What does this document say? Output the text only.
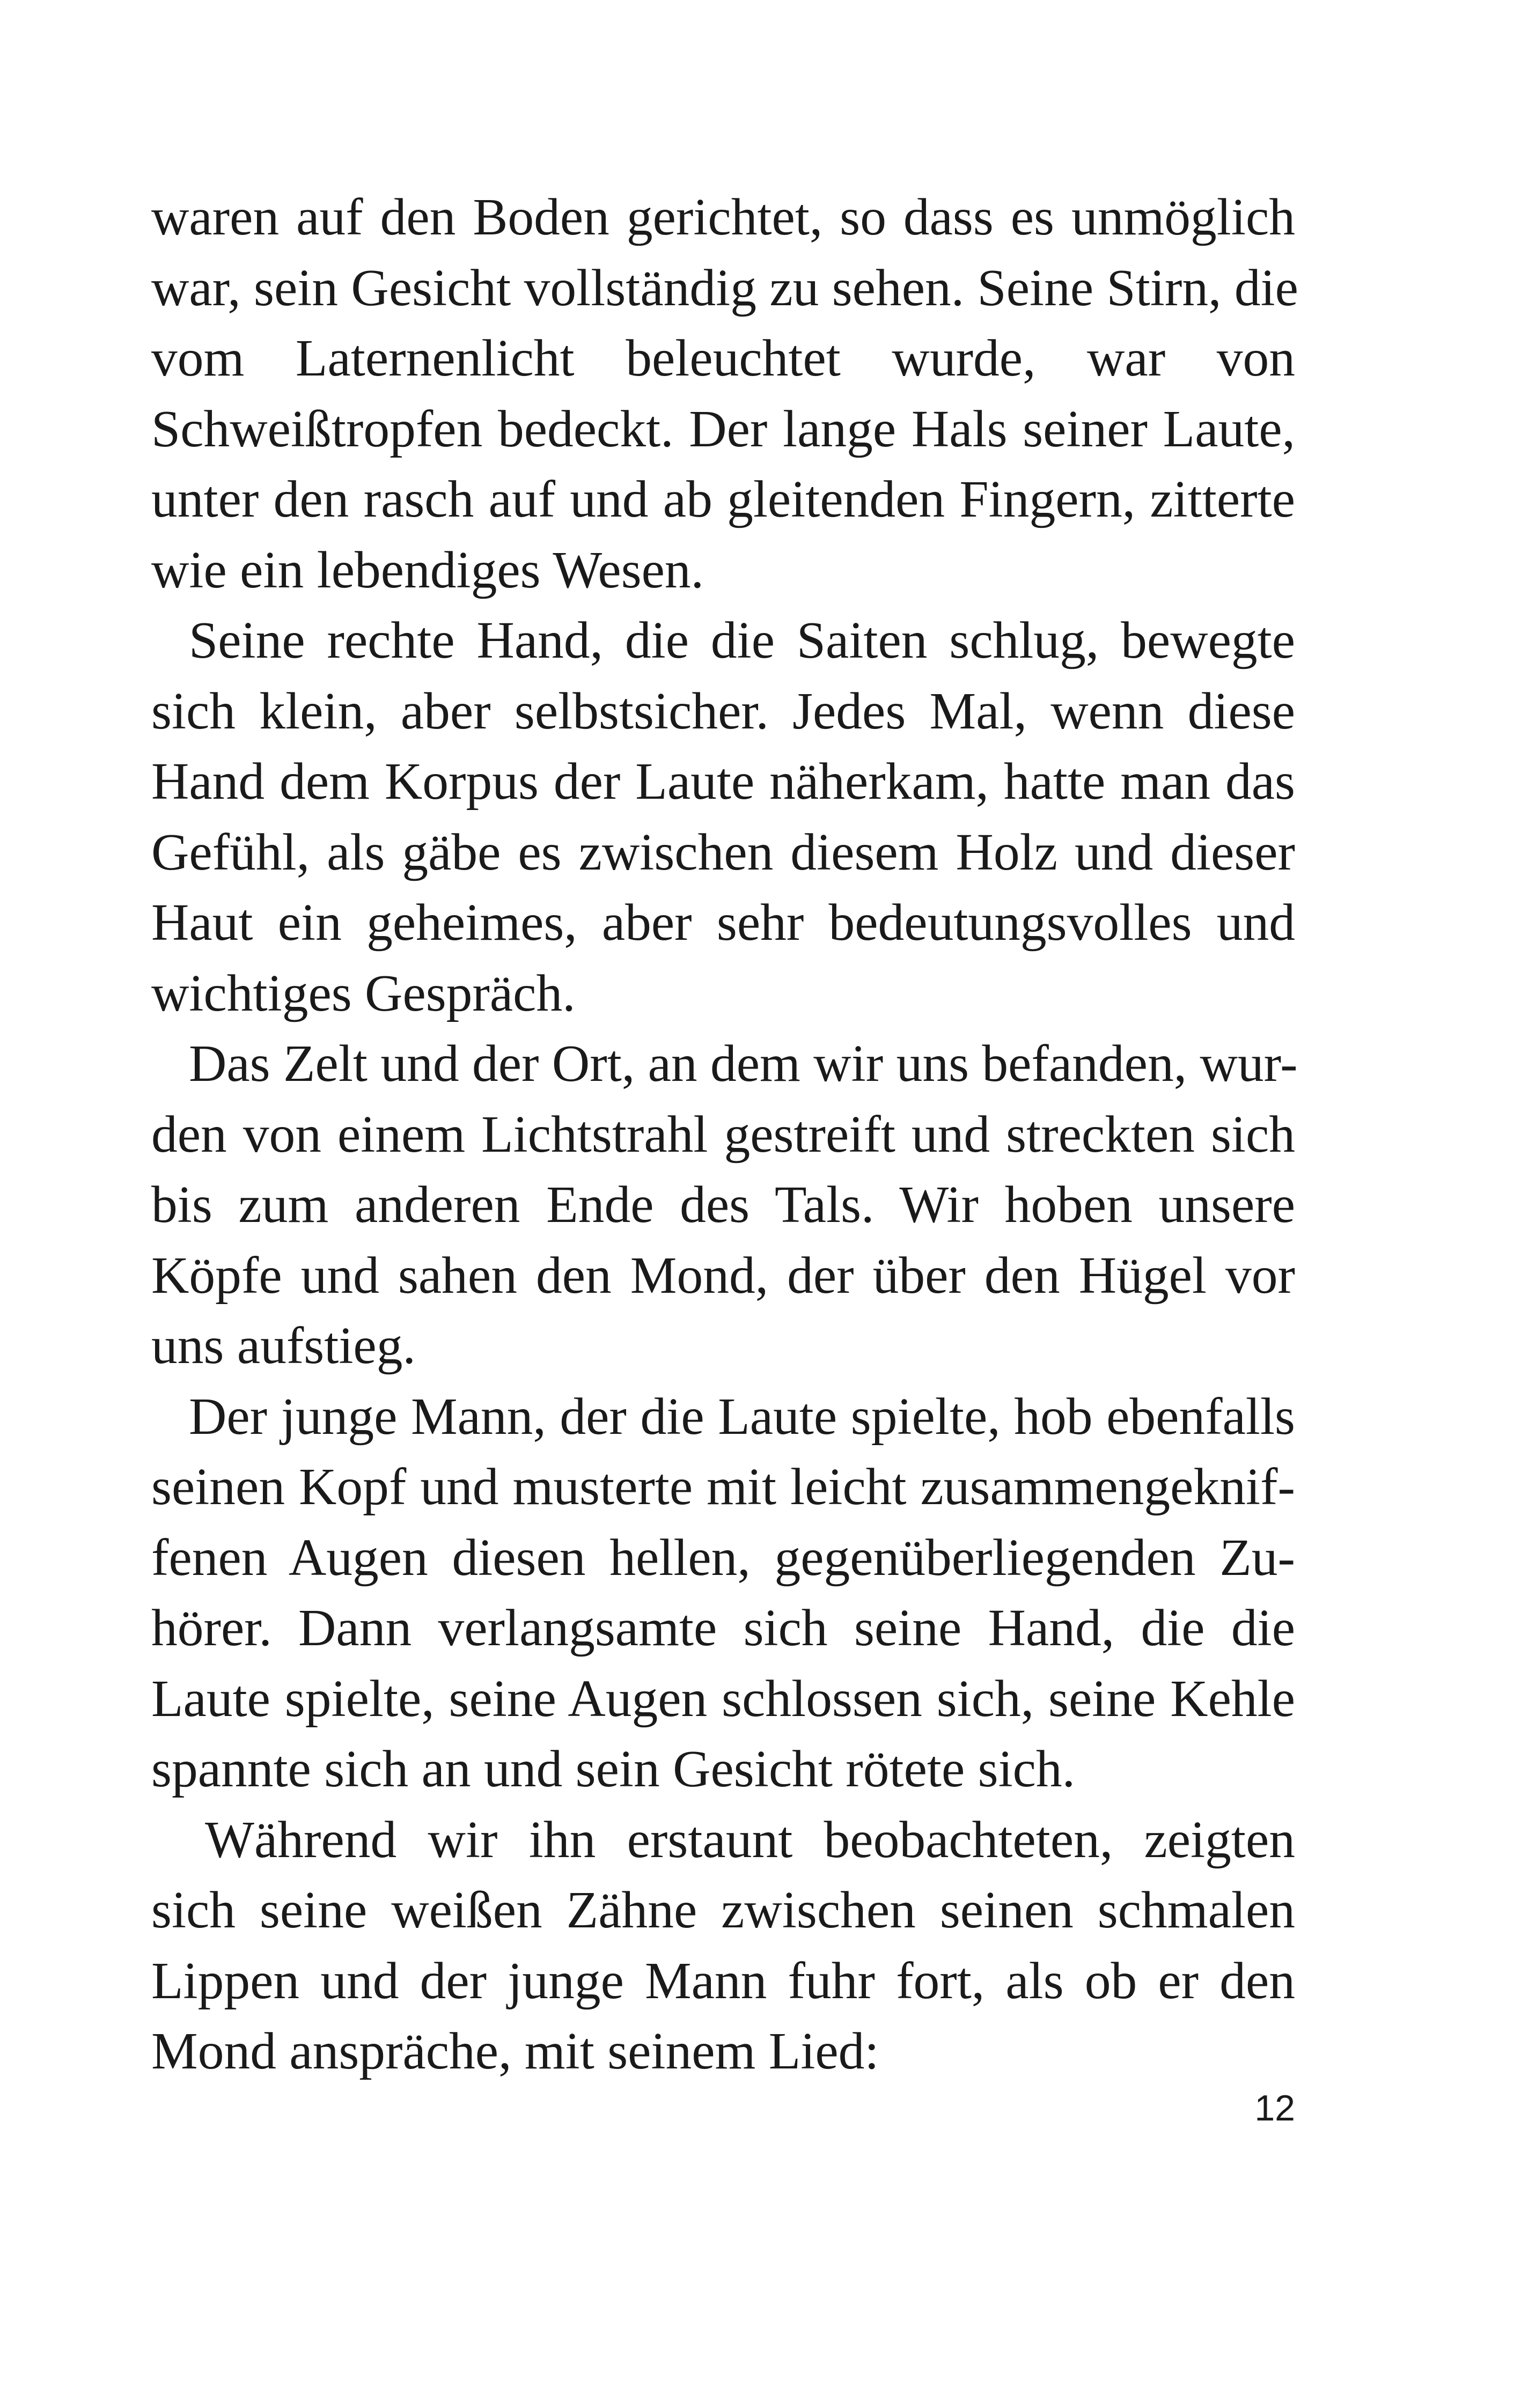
waren auf den Boden gerichtet, so dass es unmöglich
war, sein Gesicht vollständig zu sehen. Seine Stirn, die
vom Laternenlicht beleuchtet wurde, war von
Schweißtropfen bedeckt. Der lange Hals seiner Laute,
unter den rasch auf und ab gleitenden Fingern, zitterte
wie ein lebendiges Wesen.

Seine rechte Hand, die die Saiten schlug, bewegte
sich klein, aber selbstsicher. Jedes Mal, wenn diese
Hand dem Korpus der Laute näherkam, hatte man das
Gefühl, als gäbe es zwischen diesem Holz und dieser
Haut ein geheimes, aber sehr bedeutungsvolles und
wichtiges Gespräch.

Das Zelt und der Ort, an dem wir uns befanden, wur-
den von einem Lichtstrahl gestreift und streckten sich
bis zum anderen Ende des Tals. Wir hoben unsere
Köpfe und sahen den Mond, der über den Hügel vor
uns aufstieg.

Der junge Mann, der die Laute spielte, hob ebenfalls
seinen Kopf und musterte mit leicht zusammengeknif-
fenen Augen diesen hellen, gegenüberliegenden Zu-
hörer. Dann verlangsamte sich seine Hand, die die
Laute spielte, seine Augen schlossen sich, seine Kehle
spannte sich an und sein Gesicht rötete sich.

Während wir ihn erstaunt beobachteten, zeigten
sich seine weißen Zähne zwischen seinen schmalen
Lippen und der junge Mann fuhr fort, als ob er den
Mond anspräche, mit seinem Lied:

12
